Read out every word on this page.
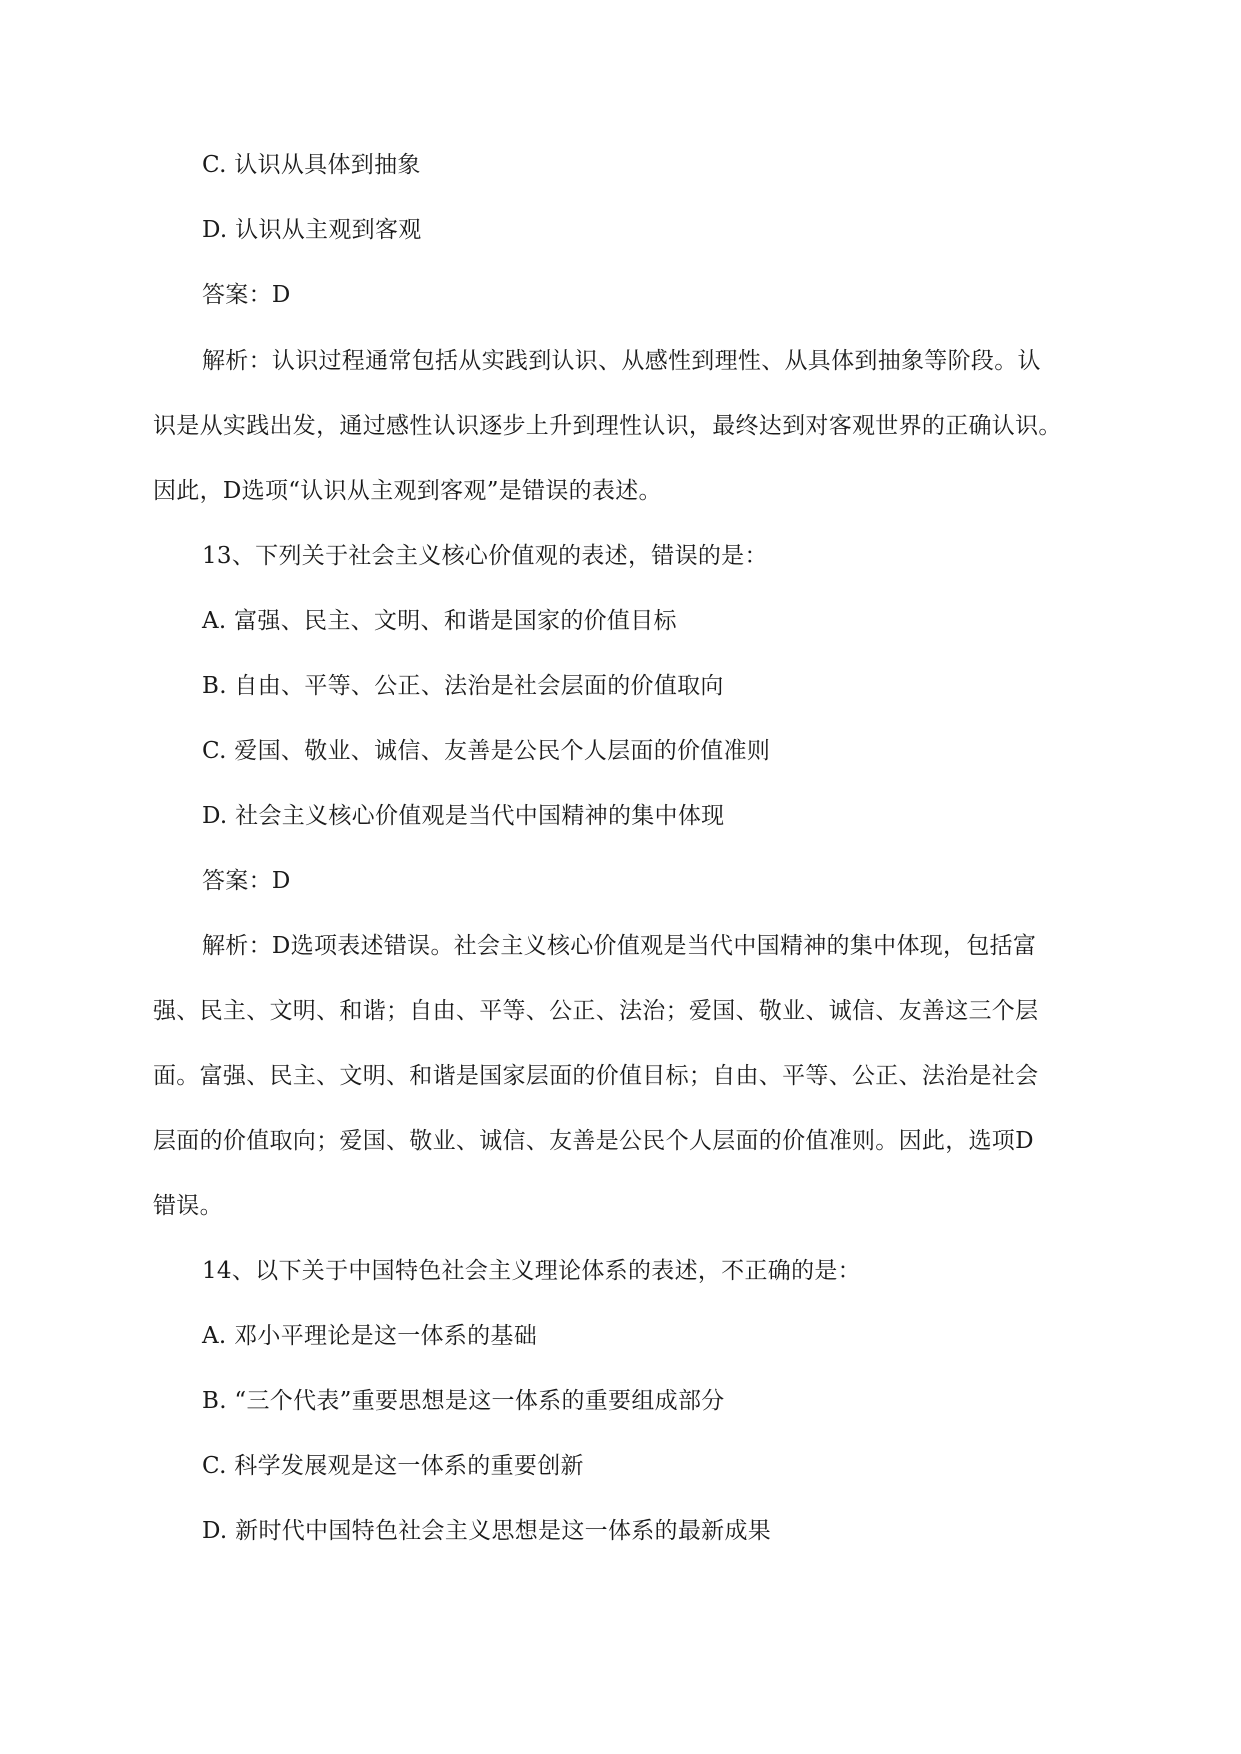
C. 认识从具体到抽象
D. 认识从主观到客观
答案：D
解析：认识过程通常包括从实践到认识、从感性到理性、从具体到抽象等阶段。认
识是从实践出发，通过感性认识逐步上升到理性认识，最终达到对客观世界的正确认识。
因此，D选项“认识从主观到客观”是错误的表述。
13、下列关于社会主义核心价值观的表述，错误的是：
A. 富强、民主、文明、和谐是国家的价值目标
B. 自由、平等、公正、法治是社会层面的价值取向
C. 爱国、敬业、诚信、友善是公民个人层面的价值准则
D. 社会主义核心价值观是当代中国精神的集中体现
答案：D
解析：D选项表述错误。社会主义核心价值观是当代中国精神的集中体现，包括富
强、民主、文明、和谐；自由、平等、公正、法治；爱国、敬业、诚信、友善这三个层
面。富强、民主、文明、和谐是国家层面的价值目标；自由、平等、公正、法治是社会
层面的价值取向；爱国、敬业、诚信、友善是公民个人层面的价值准则。因此，选项D
错误。
14、以下关于中国特色社会主义理论体系的表述，不正确的是：
A. 邓小平理论是这一体系的基础
B. “三个代表”重要思想是这一体系的重要组成部分
C. 科学发展观是这一体系的重要创新
D. 新时代中国特色社会主义思想是这一体系的最新成果
